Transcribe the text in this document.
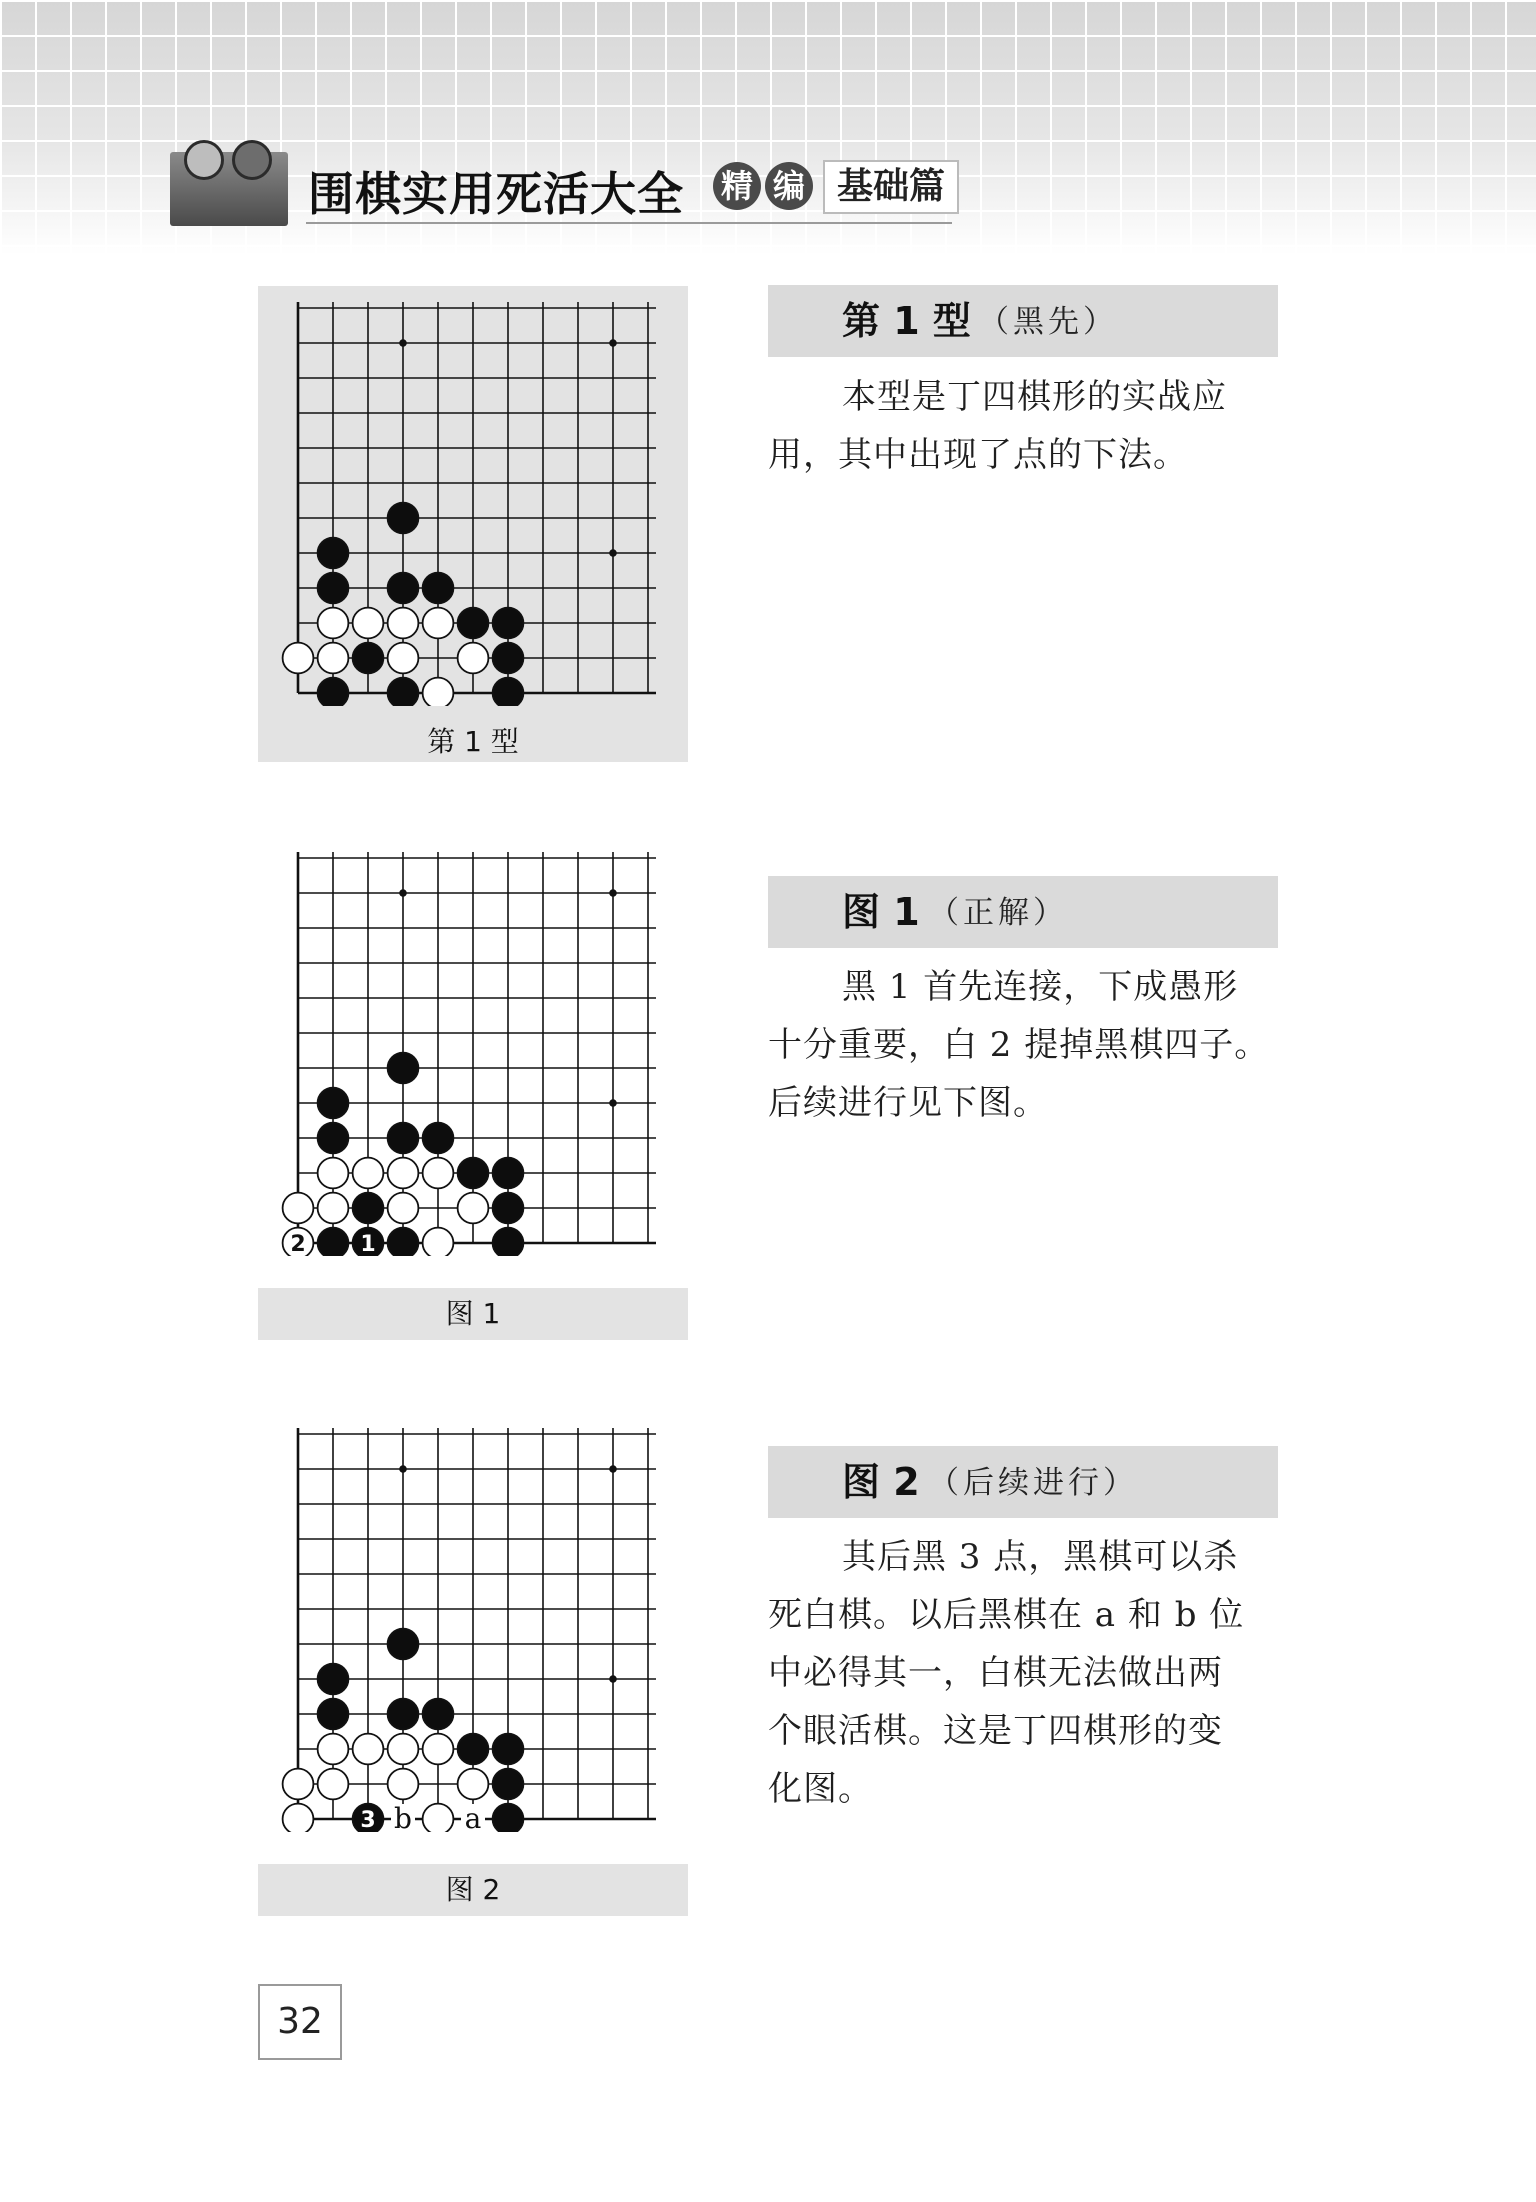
围棋实用死活大全 精 编 基础篇
第 1 型
第 1 型 （黑先）
本型是丁四棋形的实战应
用，其中出现了点的下法。
2 1
图 1
图 1 （正解）
黑 1 首先连接，下成愚形
十分重要，白 2 提掉黑棋四子。
后续进行见下图。
3 b a
图 2
图 2 （后续进行）
其后黑 3 点，黑棋可以杀
死白棋。以后黑棋在 a 和 b 位
中必得其一，白棋无法做出两
个眼活棋。这是丁四棋形的变
化图。
32
